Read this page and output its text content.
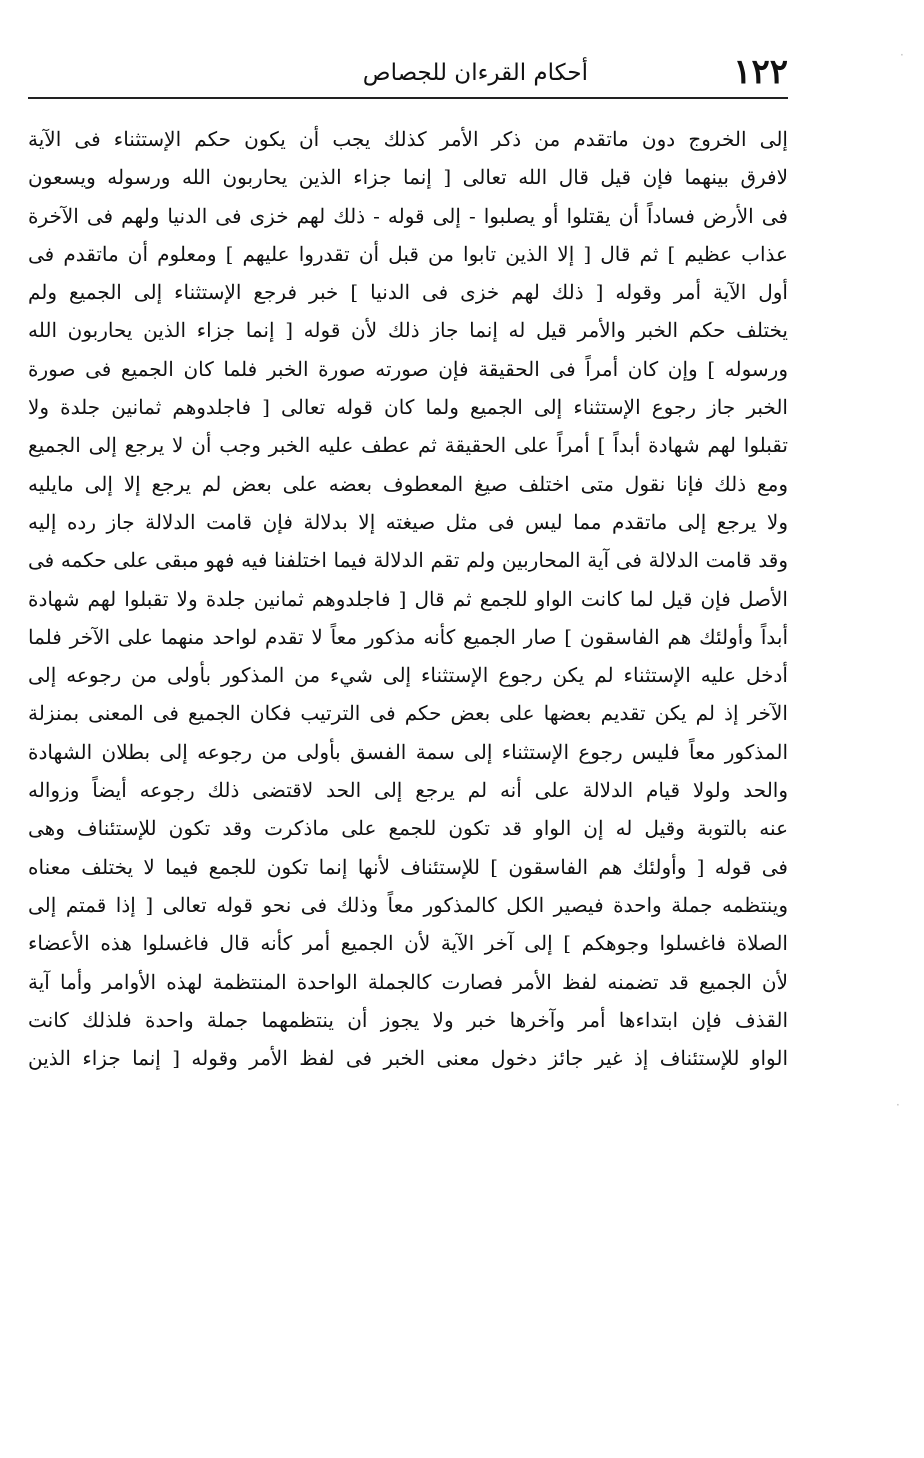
١٢٢
أحكام القرءان للجصاص
إلى الخروج دون ماتقدم من ذكر الأمر كذلك يجب أن يكون حكم الإستثناء فى الآية
لافرق بينهما فإن قيل قال الله تعالى [ إنما جزاء الذين يحاربون الله ورسوله ويسعون
فى الأرض فساداً أن يقتلوا أو يصلبوا - إلى قوله - ذلك لهم خزى فى الدنيا ولهم فى الآخرة
عذاب عظيم ] ثم قال [ إلا الذين تابوا من قبل أن تقدروا عليهم ] ومعلوم أن ماتقدم فى
أول الآية أمر وقوله [ ذلك لهم خزى فى الدنيا ] خبر فرجع الإستثناء إلى الجميع ولم
يختلف حكم الخبر والأمر قيل له إنما جاز ذلك لأن قوله [ إنما جزاء الذين يحاربون الله
ورسوله ] وإن كان أمراً فى الحقيقة فإن صورته صورة الخبر فلما كان الجميع فى صورة
الخبر جاز رجوع الإستثناء إلى الجميع ولما كان قوله تعالى [ فاجلدوهم ثمانين جلدة ولا
تقبلوا لهم شهادة أبداً ] أمراً على الحقيقة ثم عطف عليه الخبر وجب أن لا يرجع إلى الجميع
ومع ذلك فإنا نقول متى اختلف صيغ المعطوف بعضه على بعض لم يرجع إلا إلى مايليه
ولا يرجع إلى ماتقدم مما ليس فى مثل صيغته إلا بدلالة فإن قامت الدلالة جاز رده إليه
وقد قامت الدلالة فى آية المحاربين ولم تقم الدلالة فيما اختلفنا فيه فهو مبقى على حكمه فى
الأصل فإن قيل لما كانت الواو للجمع ثم قال [ فاجلدوهم ثمانين جلدة ولا تقبلوا لهم شهادة
أبداً وأولئك هم الفاسقون ] صار الجميع كأنه مذكور معاً لا تقدم لواحد منهما على الآخر فلما
أدخل عليه الإستثناء لم يكن رجوع الإستثناء إلى شيء من المذكور بأولى من رجوعه إلى
الآخر إذ لم يكن تقديم بعضها على بعض حكم فى الترتيب فكان الجميع فى المعنى بمنزلة
المذكور معاً فليس رجوع الإستثناء إلى سمة الفسق بأولى من رجوعه إلى بطلان الشهادة
والحد ولولا قيام الدلالة على أنه لم يرجع إلى الحد لاقتضى ذلك رجوعه أيضاً وزواله
عنه بالتوبة وقيل له إن الواو قد تكون للجمع على ماذكرت وقد تكون للإستئناف وهى
فى قوله [ وأولئك هم الفاسقون ] للإستئناف لأنها إنما تكون للجمع فيما لا يختلف معناه
وينتظمه جملة واحدة فيصير الكل كالمذكور معاً وذلك فى نحو قوله تعالى [ إذا قمتم إلى
الصلاة فاغسلوا وجوهكم ] إلى آخر الآية لأن الجميع أمر كأنه قال فاغسلوا هذه الأعضاء
لأن الجميع قد تضمنه لفظ الأمر فصارت كالجملة الواحدة المنتظمة لهذه الأوامر وأما آية
القذف فإن ابتداءها أمر وآخرها خبر ولا يجوز أن ينتظمهما جملة واحدة فلذلك كانت
الواو للإستئناف إذ غير جائز دخول معنى الخبر فى لفظ الأمر وقوله [ إنما جزاء الذين
·
·
